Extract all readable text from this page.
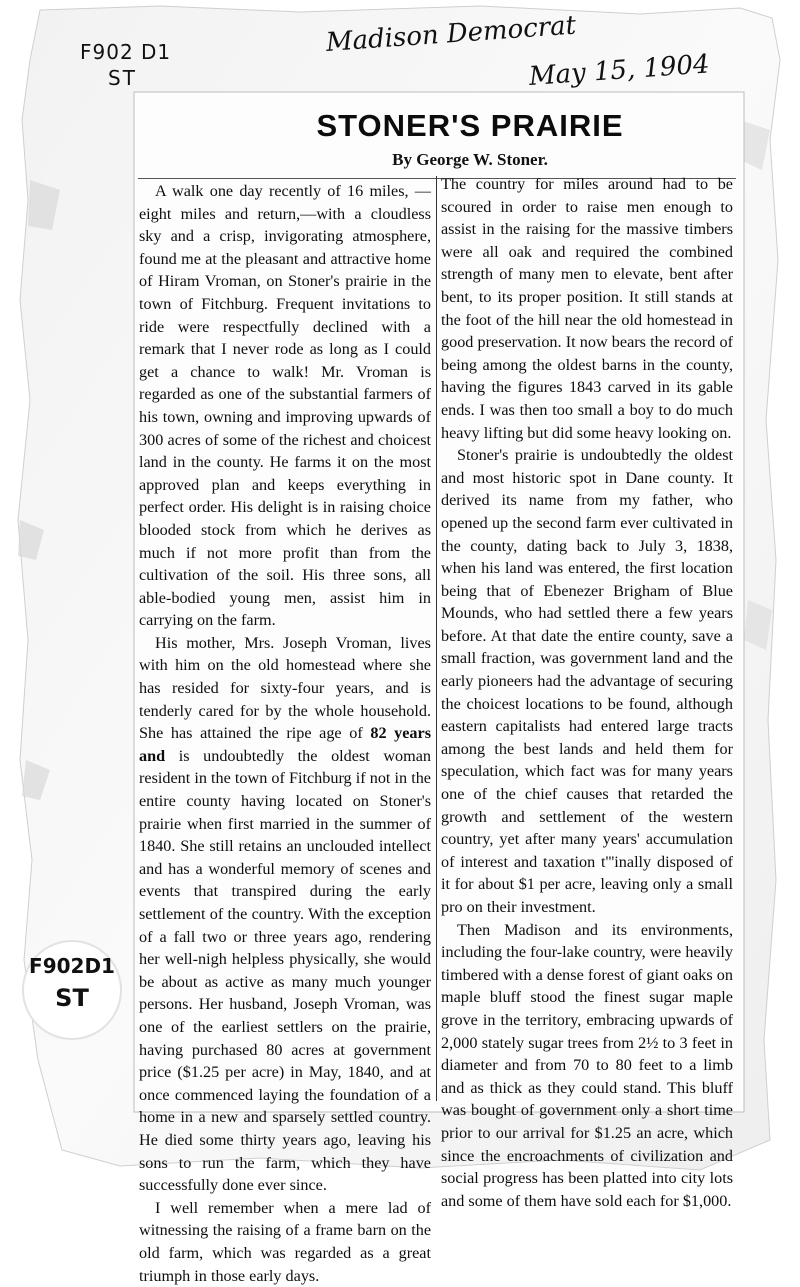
F902 D1
ST
Madison Democrat
May 15, 1904
F902D1
ST
STONER'S PRAIRIE
By George W. Stoner.

A walk one day recently of 16 miles, —eight miles and return,—with a cloudless sky and a crisp, invigorating atmosphere, found me at the pleasant and attractive home of Hiram Vroman, on Stoner's prairie in the town of Fitchburg. Frequent invitations to ride were respectfully declined with a remark that I never rode as long as I could get a chance to walk! Mr. Vroman is regarded as one of the substantial farmers of his town, owning and improving upwards of 300 acres of some of the richest and choicest land in the county. He farms it on the most approved plan and keeps everything in perfect order. His delight is in raising choice blooded stock from which he derives as much if not more profit than from the cultivation of the soil. His three sons, all able-bodied young men, assist him in carrying on the farm.

His mother, Mrs. Joseph Vroman, lives with him on the old homestead where she has resided for sixty-four years, and is tenderly cared for by the whole household. She has attained the ripe age of 82 years and is undoubtedly the oldest woman resident in the town of Fitchburg if not in the entire county having located on Stoner's prairie when first married in the summer of 1840. She still retains an unclouded intellect and has a wonderful memory of scenes and events that transpired during the early settlement of the country. With the exception of a fall two or three years ago, rendering her well-nigh helpless physically, she would be about as active as many much younger persons. Her husband, Joseph Vroman, was one of the earliest settlers on the prairie, having purchased 80 acres at government price ($1.25 per acre) in May, 1840, and at once commenced laying the foundation of a home in a new and sparsely settled country. He died some thirty years ago, leaving his sons to run the farm, which they have successfully done ever since.

I well remember when a mere lad of witnessing the raising of a frame barn on the old farm, which was regarded as a great triumph in those early days.

The country for miles around had to be scoured in order to raise men enough to assist in the raising for the massive timbers were all oak and required the combined strength of many men to elevate, bent after bent, to its proper position. It still stands at the foot of the hill near the old homestead in good preservation. It now bears the record of being among the oldest barns in the county, having the figures 1843 carved in its gable ends. I was then too small a boy to do much heavy lifting but did some heavy looking on.

Stoner's prairie is undoubtedly the oldest and most historic spot in Dane county. It derived its name from my father, who opened up the second farm ever cultivated in the county, dating back to July 3, 1838, when his land was entered, the first location being that of Ebenezer Brigham of Blue Mounds, who had settled there a few years before. At that date the entire county, save a small fraction, was government land and the early pioneers had the advantage of securing the choicest locations to be found, although eastern capitalists had entered large tracts among the best lands and held them for speculation, which fact was for many years one of the chief causes that retarded the growth and settlement of the western country, yet after many years' accumulation of interest and taxation t'''inally disposed of it for about $1 per acre, leaving only a small pro on their investment.

Then Madison and its environments, including the four-lake country, were heavily timbered with a dense forest of giant oaks on maple bluff stood the finest sugar maple grove in the territory, embracing upwards of 2,000 stately sugar trees from 2½ to 3 feet in diameter and from 70 to 80 feet to a limb and as thick as they could stand. This bluff was bought of government only a short time prior to our arrival for $1.25 an acre, which since the encroachments of civilization and social progress has been platted into city lots and some of them have sold each for $1,000.
